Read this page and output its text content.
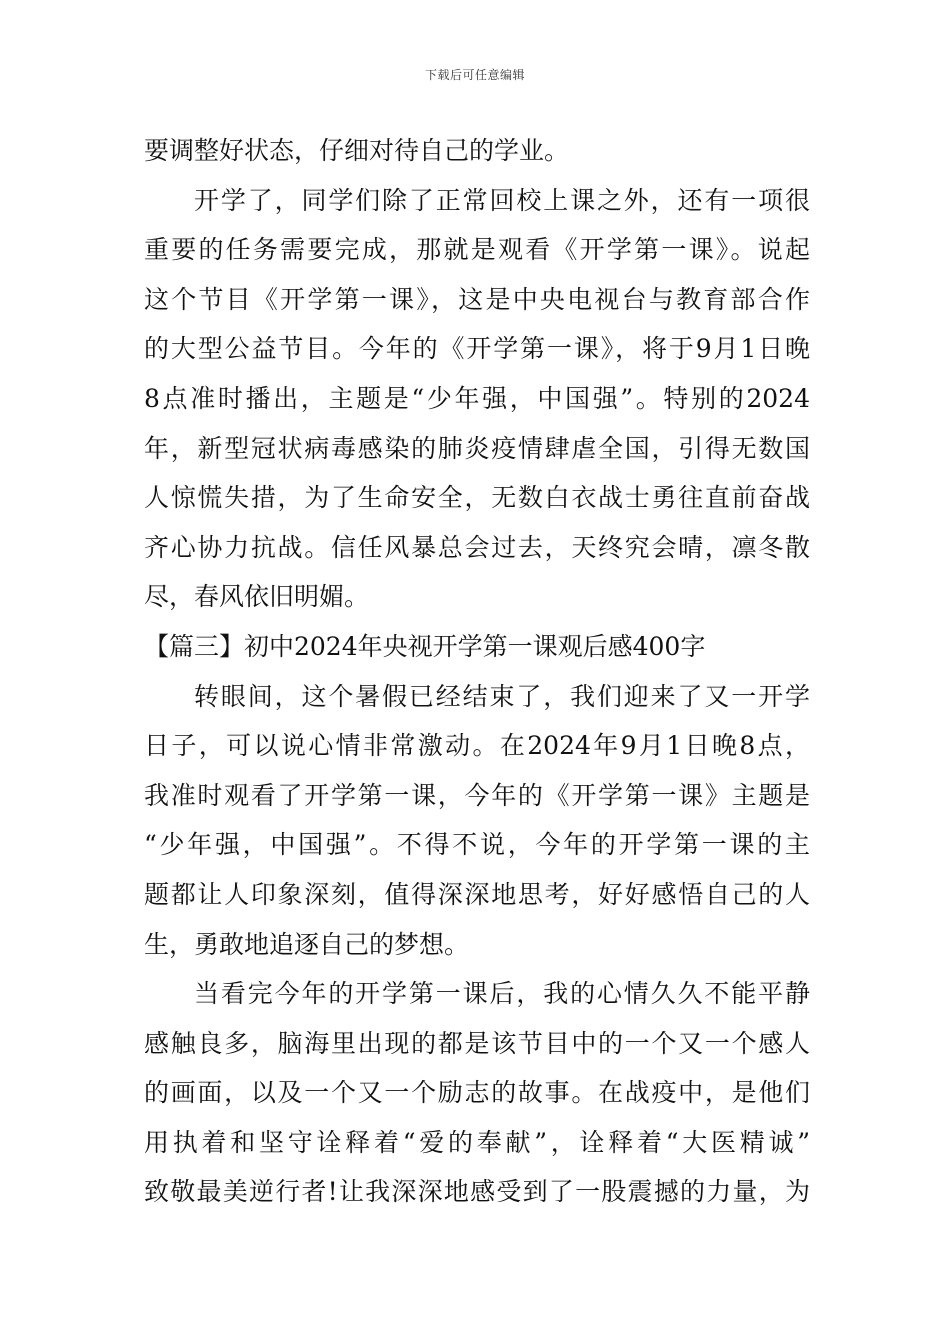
下载后可任意编辑
要调整好状态，仔细对待自己的学业。
开学了，同学们除了正常回校上课之外，还有一项很
重要的任务需要完成，那就是观看《开学第一课》。说起
这个节目《开学第一课》，这是中央电视台与教育部合作
的大型公益节目。今年的《开学第一课》，将于9月1日晚
8点准时播出，主题是“少年强，中国强”。特别的2024
年，新型冠状病毒感染的肺炎疫情肆虐全国，引得无数国
人惊慌失措，为了生命安全，无数白衣战士勇往直前奋战
齐心协力抗战。信任风暴总会过去，天终究会晴，凛冬散
尽，春风依旧明媚。
【篇三】初中2024年央视开学第一课观后感400字
转眼间，这个暑假已经结束了，我们迎来了又一开学
日子，可以说心情非常激动。在2024年9月1日晚8点，
我准时观看了开学第一课，今年的《开学第一课》主题是
“少年强，中国强”。不得不说，今年的开学第一课的主
题都让人印象深刻，值得深深地思考，好好感悟自己的人
生，勇敢地追逐自己的梦想。
当看完今年的开学第一课后，我的心情久久不能平静
感触良多，脑海里出现的都是该节目中的一个又一个感人
的画面，以及一个又一个励志的故事。在战疫中，是他们
用执着和坚守诠释着“爱的奉献”，诠释着“大医精诚”
致敬最美逆行者!让我深深地感受到了一股震撼的力量，为
